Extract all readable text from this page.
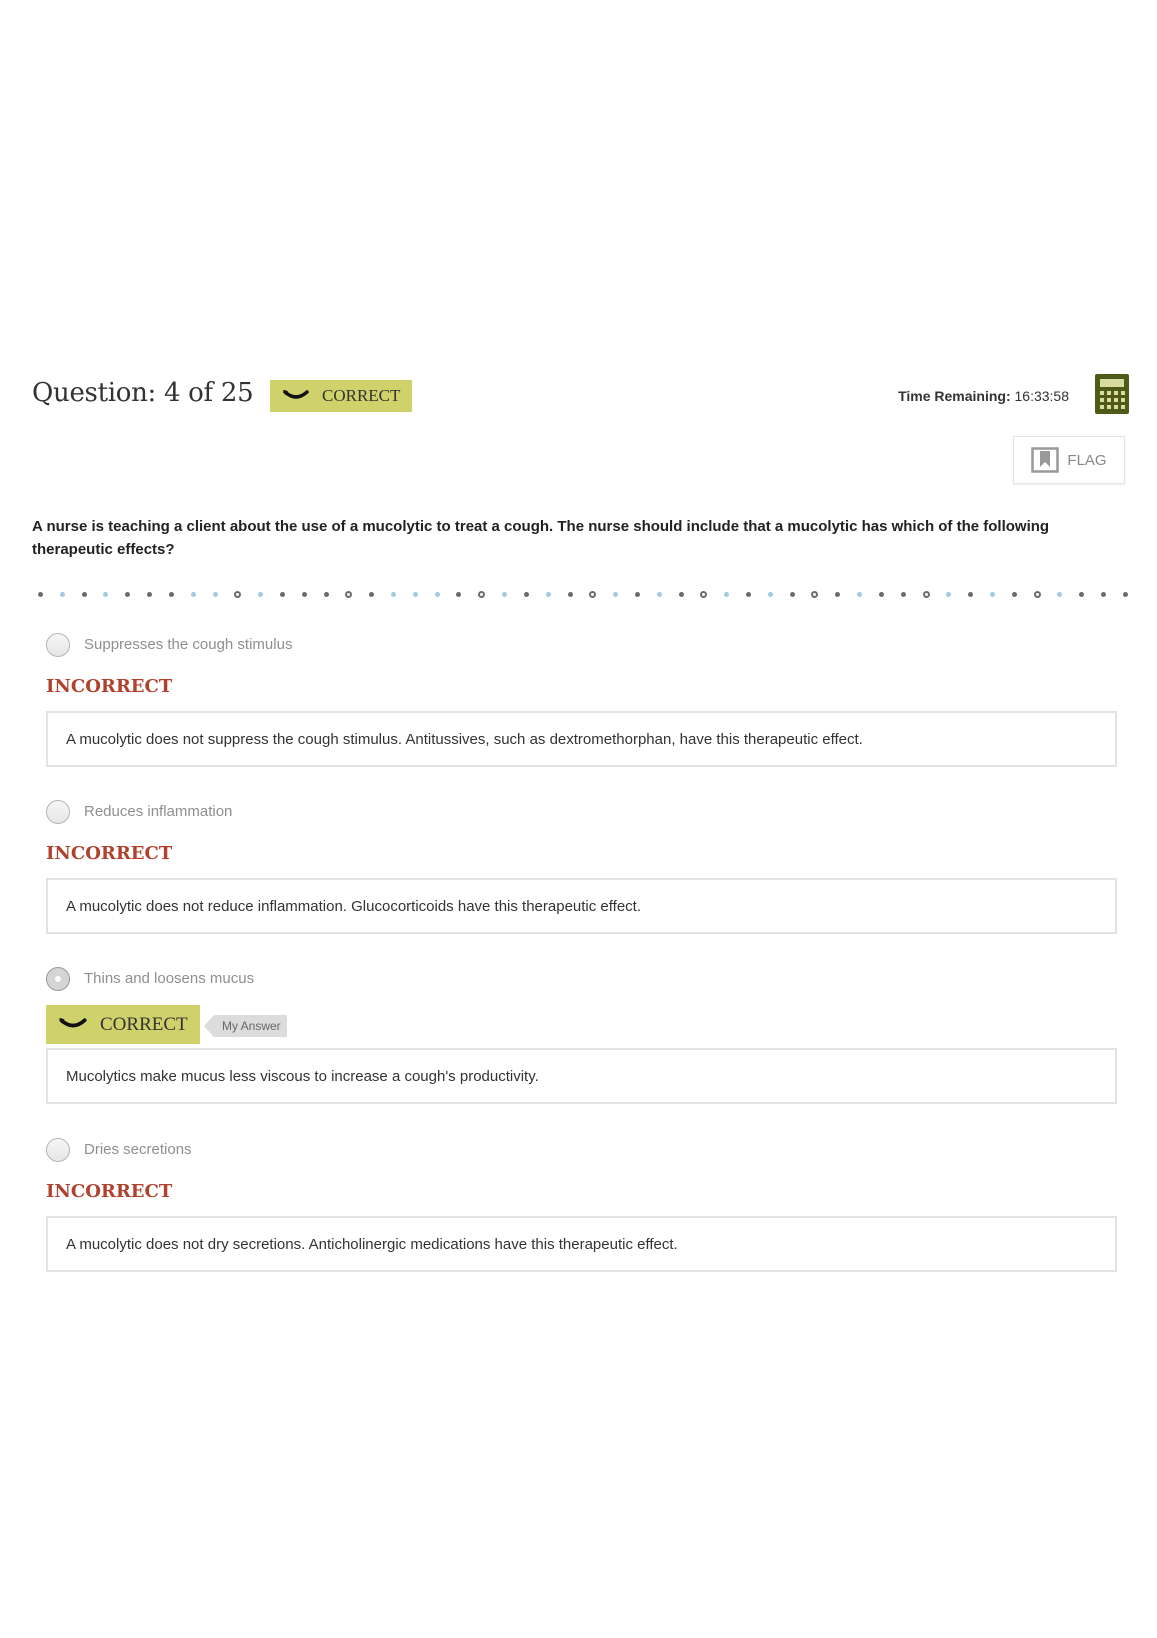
Question: 4 of 25	CORRECT	Time Remaining: 16:33:58
FLAG
A nurse is teaching a client about the use of a mucolytic to treat a cough. The nurse should include that a mucolytic has which of the following therapeutic effects?
Suppresses the cough stimulus
INCORRECT
A mucolytic does not suppress the cough stimulus. Antitussives, such as dextromethorphan, have this therapeutic effect.
Reduces inflammation
INCORRECT
A mucolytic does not reduce inflammation. Glucocorticoids have this therapeutic effect.
Thins and loosens mucus
CORRECT	My Answer
Mucolytics make mucus less viscous to increase a cough's productivity.
Dries secretions
INCORRECT
A mucolytic does not dry secretions. Anticholinergic medications have this therapeutic effect.
